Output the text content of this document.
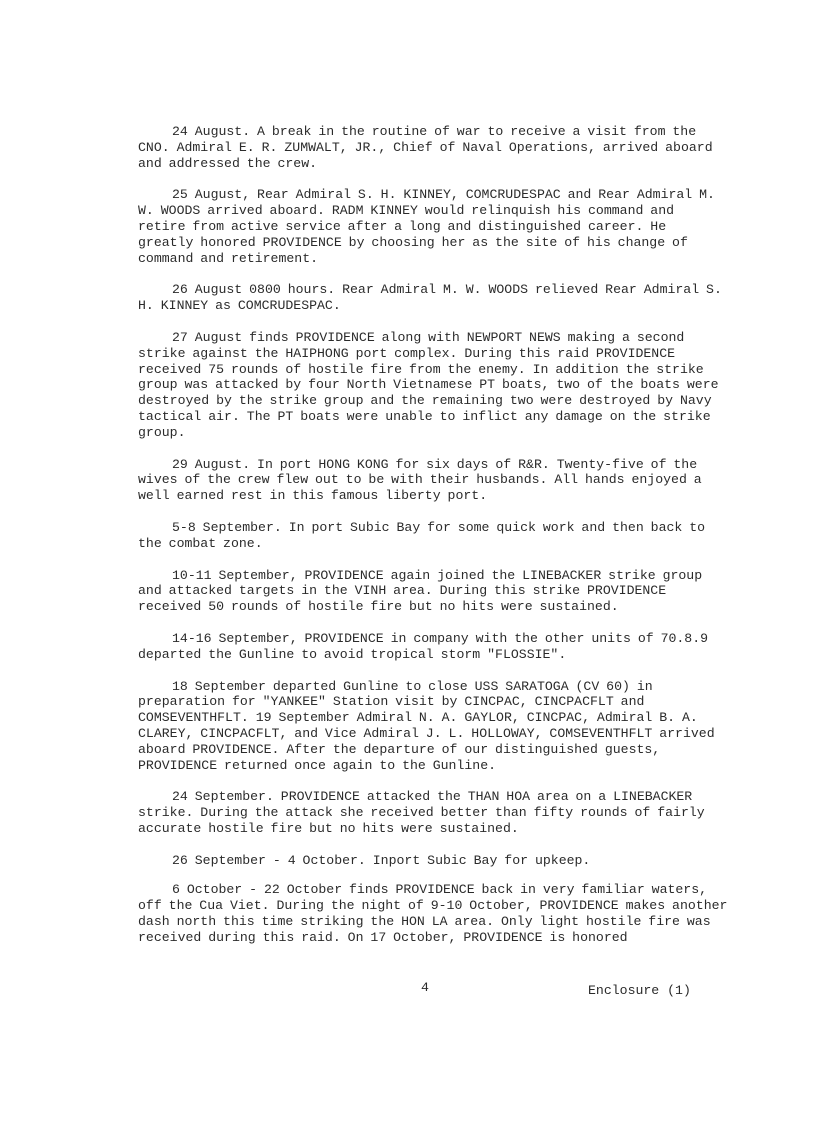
24 August. A break in the routine of war to receive a visit from the CNO. Admiral E. R. ZUMWALT, JR., Chief of Naval Operations, arrived aboard and addressed the crew.

25 August, Rear Admiral S. H. KINNEY, COMCRUDESPAC and Rear Admiral M. W. WOODS arrived aboard. RADM KINNEY would relinquish his command and retire from active service after a long and distinguished career. He greatly honored PROVIDENCE by choosing her as the site of his change of command and retirement.

26 August 0800 hours. Rear Admiral M. W. WOODS relieved Rear Admiral S. H. KINNEY as COMCRUDESPAC.

27 August finds PROVIDENCE along with NEWPORT NEWS making a second strike against the HAIPHONG port complex. During this raid PROVIDENCE received 75 rounds of hostile fire from the enemy. In addition the strike group was attacked by four North Vietnamese PT boats, two of the boats were destroyed by the strike group and the remaining two were destroyed by Navy tactical air. The PT boats were unable to inflict any damage on the strike group.

29 August. In port HONG KONG for six days of R&R. Twenty-five of the wives of the crew flew out to be with their husbands. All hands enjoyed a well earned rest in this famous liberty port.

5-8 September. In port Subic Bay for some quick work and then back to the combat zone.

10-11 September, PROVIDENCE again joined the LINEBACKER strike group and attacked targets in the VINH area. During this strike PROVIDENCE received 50 rounds of hostile fire but no hits were sustained.

14-16 September, PROVIDENCE in company with the other units of 70.8.9 departed the Gunline to avoid tropical storm "FLOSSIE".

18 September departed Gunline to close USS SARATOGA (CV 60) in preparation for "YANKEE" Station visit by CINCPAC, CINCPACFLT and COMSEVENTHFLT. 19 September Admiral N. A. GAYLOR, CINCPAC, Admiral B. A. CLAREY, CINCPACFLT, and Vice Admiral J. L. HOLLOWAY, COMSEVENTHFLT arrived aboard PROVIDENCE. After the departure of our distinguished guests, PROVIDENCE returned once again to the Gunline.

24 September. PROVIDENCE attacked the THAN HOA area on a LINEBACKER strike. During the attack she received better than fifty rounds of fairly accurate hostile fire but no hits were sustained.

26 September - 4 October. Inport Subic Bay for upkeep.

6 October - 22 October finds PROVIDENCE back in very familiar waters, off the Cua Viet. During the night of 9-10 October, PROVIDENCE makes another dash north this time striking the HON LA area. Only light hostile fire was received during this raid. On 17 October, PROVIDENCE is honored

4	Enclosure (1)
